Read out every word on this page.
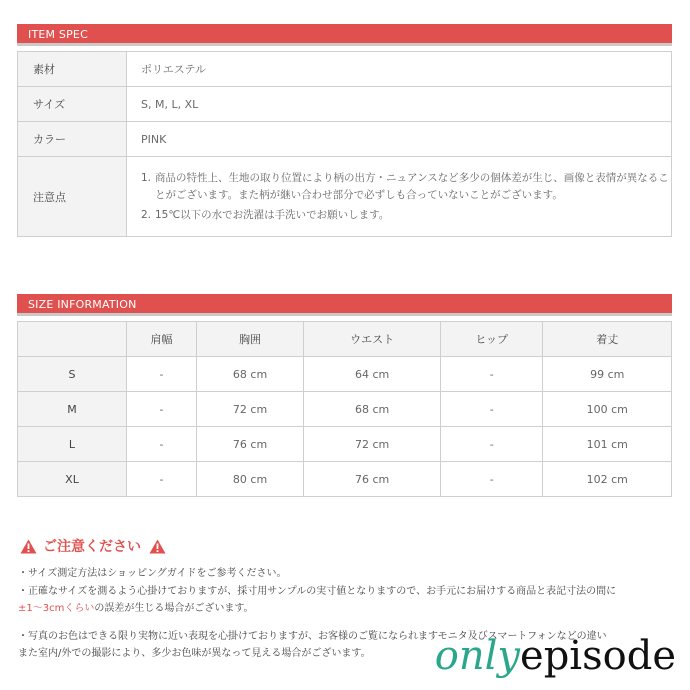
ITEM SPEC
素材	ポリエステル
サイズ	S, M, L, XL
カラー	PINK
注意点	1. 商品の特性上、生地の取り位置により柄の出方・ニュアンスなど多少の個体差が生じ、画像と表情が異なることがございます。また柄が継い合わせ部分で必ずしも合っていないことがございます。
2. 15℃以下の水でお洗濯は手洗いでお願いします。
SIZE INFORMATION
	肩幅	胸囲	ウエスト	ヒップ	着丈
S	-	68 cm	64 cm	-	99 cm
M	-	72 cm	68 cm	-	100 cm
L	-	76 cm	72 cm	-	101 cm
XL	-	80 cm	76 cm	-	102 cm
ご注意ください
・サイズ測定方法はショッピングガイドをご参考ください。
・正確なサイズを測るよう心掛けておりますが、採寸用サンプルの実寸値となりますので、お手元にお届けする商品と表記寸法の間に
±1～3cmくらいの誤差が生じる場合がございます。
・写真のお色はできる限り実物に近い表現を心掛けておりますが、お客様のご覧になられますモニタ及びスマートフォンなどの違い
また室内/外での撮影により、多少お色味が異なって見える場合がございます。	onlyepisode
